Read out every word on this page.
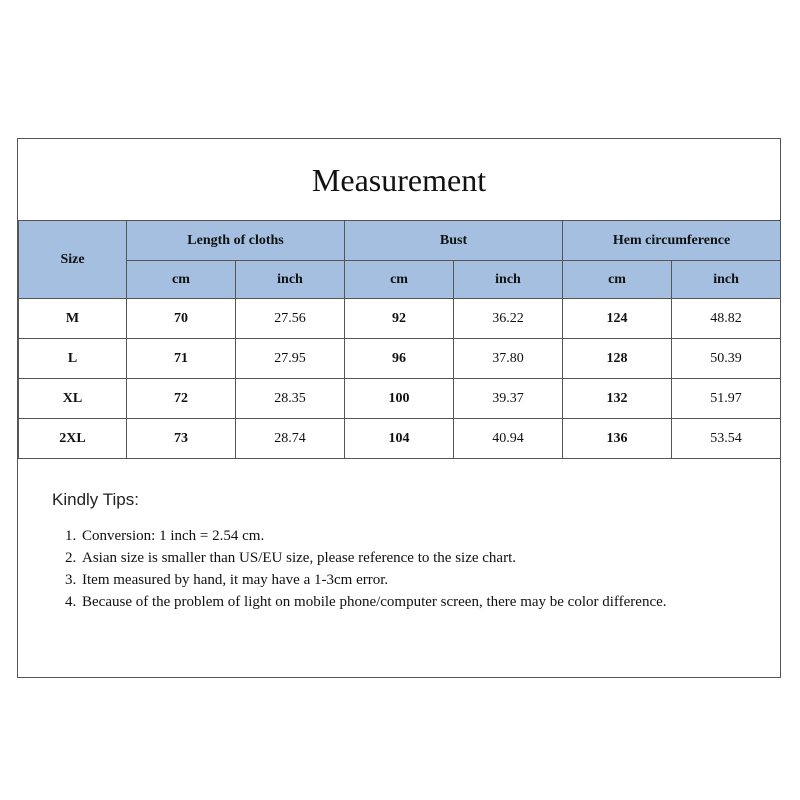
Measurement
Size	Length of cloths		Bust		Hem circumference	
	cm	inch	cm	inch	cm	inch
M	70	27.56	92	36.22	124	48.82
L	71	27.95	96	37.80	128	50.39
XL	72	28.35	100	39.37	132	51.97
2XL	73	28.74	104	40.94	136	53.54
Kindly Tips:
1. Conversion: 1 inch = 2.54 cm.
2. Asian size is smaller than US/EU size, please reference to the size chart.
3. Item measured by hand, it may have a 1-3cm error.
4. Because of the problem of light on mobile phone/computer screen, there may be color difference.
